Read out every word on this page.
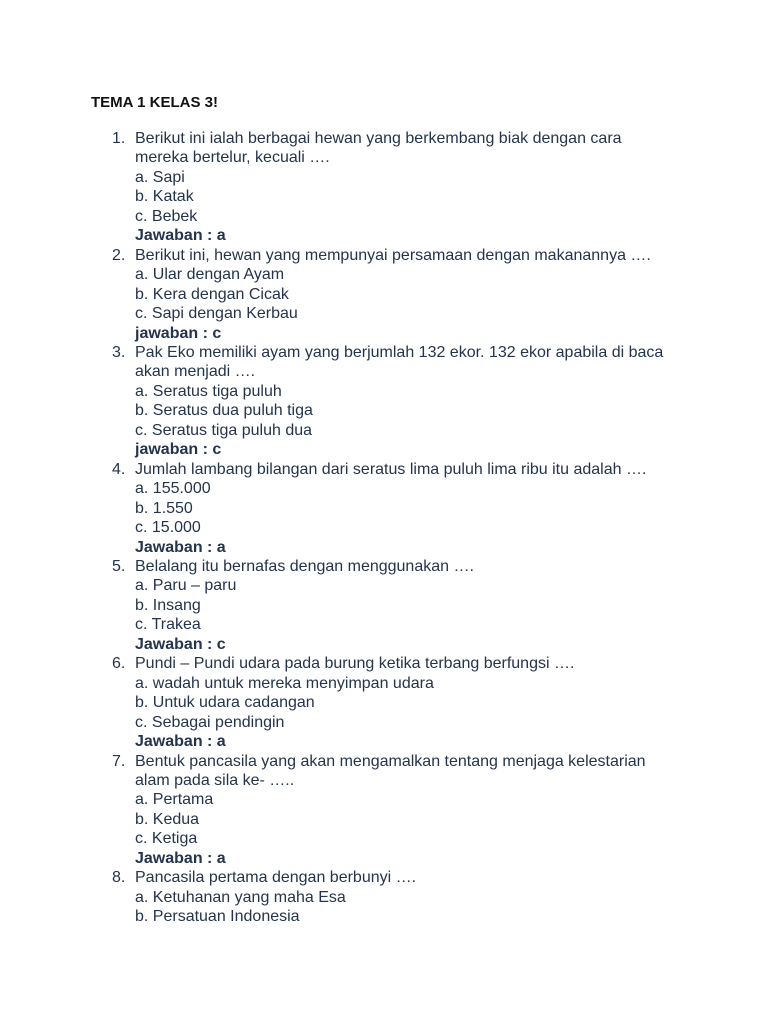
TEMA 1 KELAS 3!
1. Berikut ini ialah berbagai hewan yang berkembang biak dengan cara
mereka bertelur, kecuali ….
a. Sapi
b. Katak
c. Bebek
Jawaban : a
2. Berikut ini, hewan yang mempunyai persamaan dengan makanannya ….
a. Ular dengan Ayam
b. Kera dengan Cicak
c. Sapi dengan Kerbau
jawaban : c
3. Pak Eko memiliki ayam yang berjumlah 132 ekor. 132 ekor apabila di baca
akan menjadi ….
a. Seratus tiga puluh
b. Seratus dua puluh tiga
c. Seratus tiga puluh dua
jawaban : c
4. Jumlah lambang bilangan dari seratus lima puluh lima ribu itu adalah ….
a. 155.000
b. 1.550
c. 15.000
Jawaban : a
5. Belalang itu bernafas dengan menggunakan ….
a. Paru – paru
b. Insang
c. Trakea
Jawaban : c
6. Pundi – Pundi udara pada burung ketika terbang berfungsi ….
a. wadah untuk mereka menyimpan udara
b. Untuk udara cadangan
c. Sebagai pendingin
Jawaban : a
7. Bentuk pancasila yang akan mengamalkan tentang menjaga kelestarian
alam pada sila ke- …..
a. Pertama
b. Kedua
c. Ketiga
Jawaban : a
8. Pancasila pertama dengan berbunyi ….
a. Ketuhanan yang maha Esa
b. Persatuan Indonesia
